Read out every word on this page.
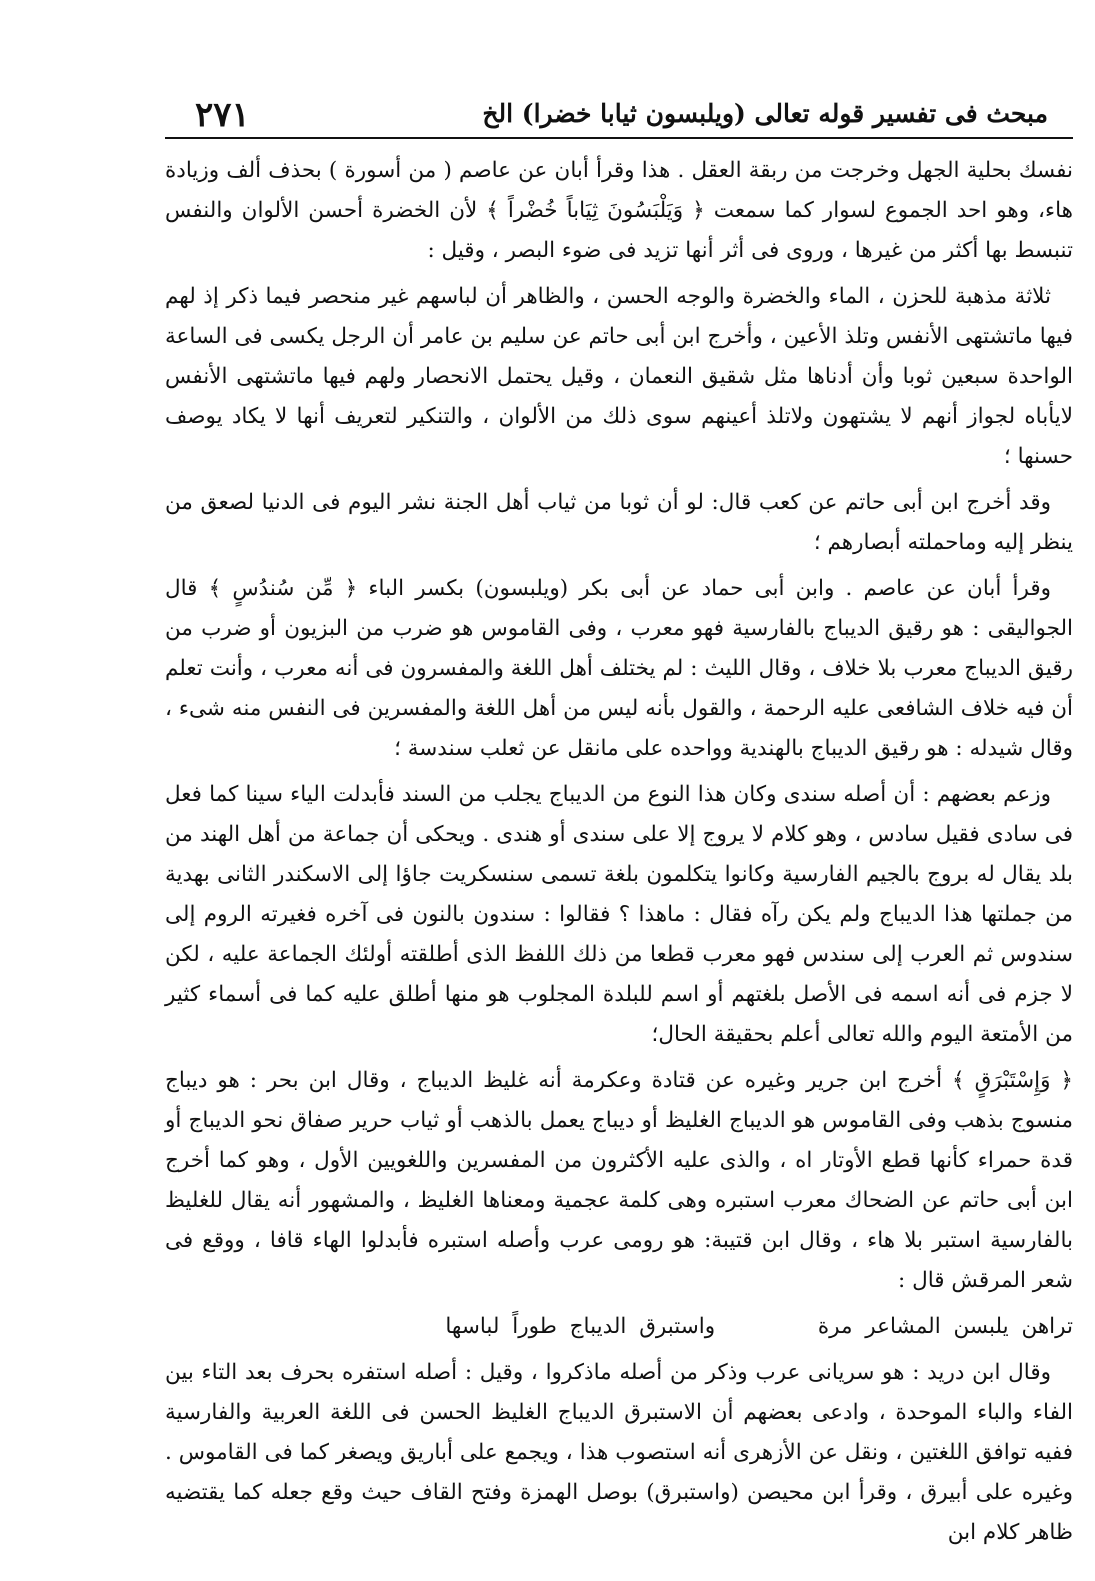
مبحث فى تفسير قوله تعالى (ويلبسون ثيابا خضرا) الخ
٢٧١

نفسك بحلية الجهل وخرجت من ربقة العقل . هذا وقرأ أبان عن عاصم ( من أسورة ) بحذف ألف وزيادة هاء، وهو احد الجموع لسوار كما سمعت ﴿ وَيَلْبَسُونَ ثِيَاباً خُضْراً ﴾ لأن الخضرة أحسن الألوان والنفس تنبسط بها أكثر من غيرها ، وروى فى أثر أنها تزيد فى ضوء البصر ، وقيل :

ثلاثة مذهبة للحزن ، الماء والخضرة والوجه الحسن ، والظاهر أن لباسهم غير منحصر فيما ذكر إذ لهم فيها ماتشتهى الأنفس وتلذ الأعين ، وأخرج ابن أبى حاتم عن سليم بن عامر أن الرجل يكسى فى الساعة الواحدة سبعين ثوبا وأن أدناها مثل شقيق النعمان ، وقيل يحتمل الانحصار ولهم فيها ماتشتهى الأنفس لايأباه لجواز أنهم لا يشتهون ولاتلذ أعينهم سوى ذلك من الألوان ، والتنكير لتعريف أنها لا يكاد يوصف حسنها ؛

وقد أخرج ابن أبى حاتم عن كعب قال: لو أن ثوبا من ثياب أهل الجنة نشر اليوم فى الدنيا لصعق من ينظر إليه وماحملته أبصارهم ؛

وقرأ أبان عن عاصم . وابن أبى حماد عن أبى بكر (ويلبسون) بكسر الباء ﴿ مِّن سُندُسٍ ﴾ قال الجواليقى : هو رقيق الديباج بالفارسية فهو معرب ، وفى القاموس هو ضرب من البزيون أو ضرب من رقيق الديباج معرب بلا خلاف ، وقال الليث : لم يختلف أهل اللغة والمفسرون فى أنه معرب ، وأنت تعلم أن فيه خلاف الشافعى عليه الرحمة ، والقول بأنه ليس من أهل اللغة والمفسرين فى النفس منه شىء ، وقال شيدله : هو رقيق الديباج بالهندية وواحده على مانقل عن ثعلب سندسة ؛

وزعم بعضهم : أن أصله سندى وكان هذا النوع من الديباج يجلب من السند فأبدلت الياء سينا كما فعل فى سادى فقيل سادس ، وهو كلام لا يروج إلا على سندى أو هندى . ويحكى أن جماعة من أهل الهند من بلد يقال له بروج بالجيم الفارسية وكانوا يتكلمون بلغة تسمى سنسكريت جاؤا إلى الاسكندر الثانى بهدية من جملتها هذا الديباج ولم يكن رآه فقال : ماهذا ؟ فقالوا : سندون بالنون فى آخره فغيرته الروم إلى سندوس ثم العرب إلى سندس فهو معرب قطعا من ذلك اللفظ الذى أطلقته أولئك الجماعة عليه ، لكن لا جزم فى أنه اسمه فى الأصل بلغتهم أو اسم للبلدة المجلوب هو منها أطلق عليه كما فى أسماء كثير من الأمتعة اليوم والله تعالى أعلم بحقيقة الحال؛

﴿ وَإِسْتَبْرَقٍ ﴾ أخرج ابن جرير وغيره عن قتادة وعكرمة أنه غليظ الديباج ، وقال ابن بحر : هو ديباج منسوج بذهب وفى القاموس هو الديباج الغليظ أو ديباج يعمل بالذهب أو ثياب حرير صفاق نحو الديباج أو قدة حمراء كأنها قطع الأوتار اه ، والذى عليه الأكثرون من المفسرين واللغويين الأول ، وهو كما أخرج ابن أبى حاتم عن الضحاك معرب استبره وهى كلمة عجمية ومعناها الغليظ ، والمشهور أنه يقال للغليظ بالفارسية استبر بلا هاء ، وقال ابن قتيبة: هو رومى عرب وأصله استبره فأبدلوا الهاء قافا ، ووقع فى شعر المرقش قال :

تراهن يلبسن المشاعر مرة        واستبرق الديباج طوراً لباسها

وقال ابن دريد : هو سريانى عرب وذكر من أصله ماذكروا ، وقيل : أصله استفره بحرف بعد التاء بين الفاء والباء الموحدة ، وادعى بعضهم أن الاستبرق الديباج الغليظ الحسن فى اللغة العربية والفارسية ففيه توافق اللغتين ، ونقل عن الأزهرى أنه استصوب هذا ، ويجمع على أباريق ويصغر كما فى القاموس . وغيره على أبيرق ، وقرأ ابن محيصن (واستبرق) بوصل الهمزة وفتح القاف حيث وقع جعله كما يقتضيه ظاهر كلام ابن
